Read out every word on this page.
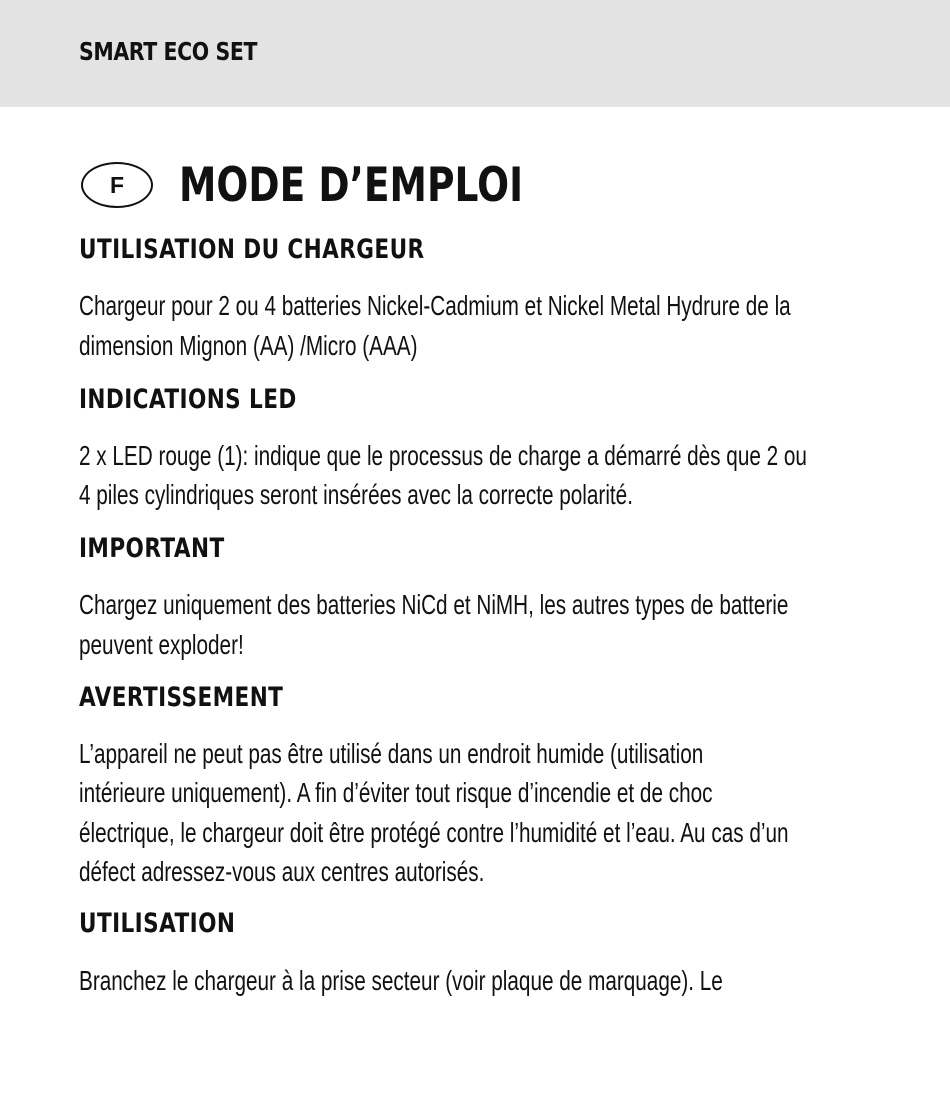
SMART ECO SET
F	MODE D’EMPLOI
UTILISATION DU CHARGEUR
Chargeur pour 2 ou 4 batteries Nickel-Cadmium et Nickel Metal Hydrure de la
dimension Mignon (AA) /Micro (AAA)
INDICATIONS LED
2 x LED rouge (1): indique que le processus de charge a démarré dès que 2 ou
4 piles cylindriques seront insérées avec la correcte polarité.
IMPORTANT
Chargez uniquement des batteries NiCd et NiMH, les autres types de batterie
peuvent exploder!
AVERTISSEMENT
L’appareil ne peut pas être utilisé dans un endroit humide (utilisation
intérieure uniquement). A fin d’éviter tout risque d’incendie et de choc
électrique, le chargeur doit être protégé contre l’humidité et l’eau. Au cas d’un
défect adressez-vous aux centres autorisés.
UTILISATION
Branchez le chargeur à la prise secteur (voir plaque de marquage). Le
